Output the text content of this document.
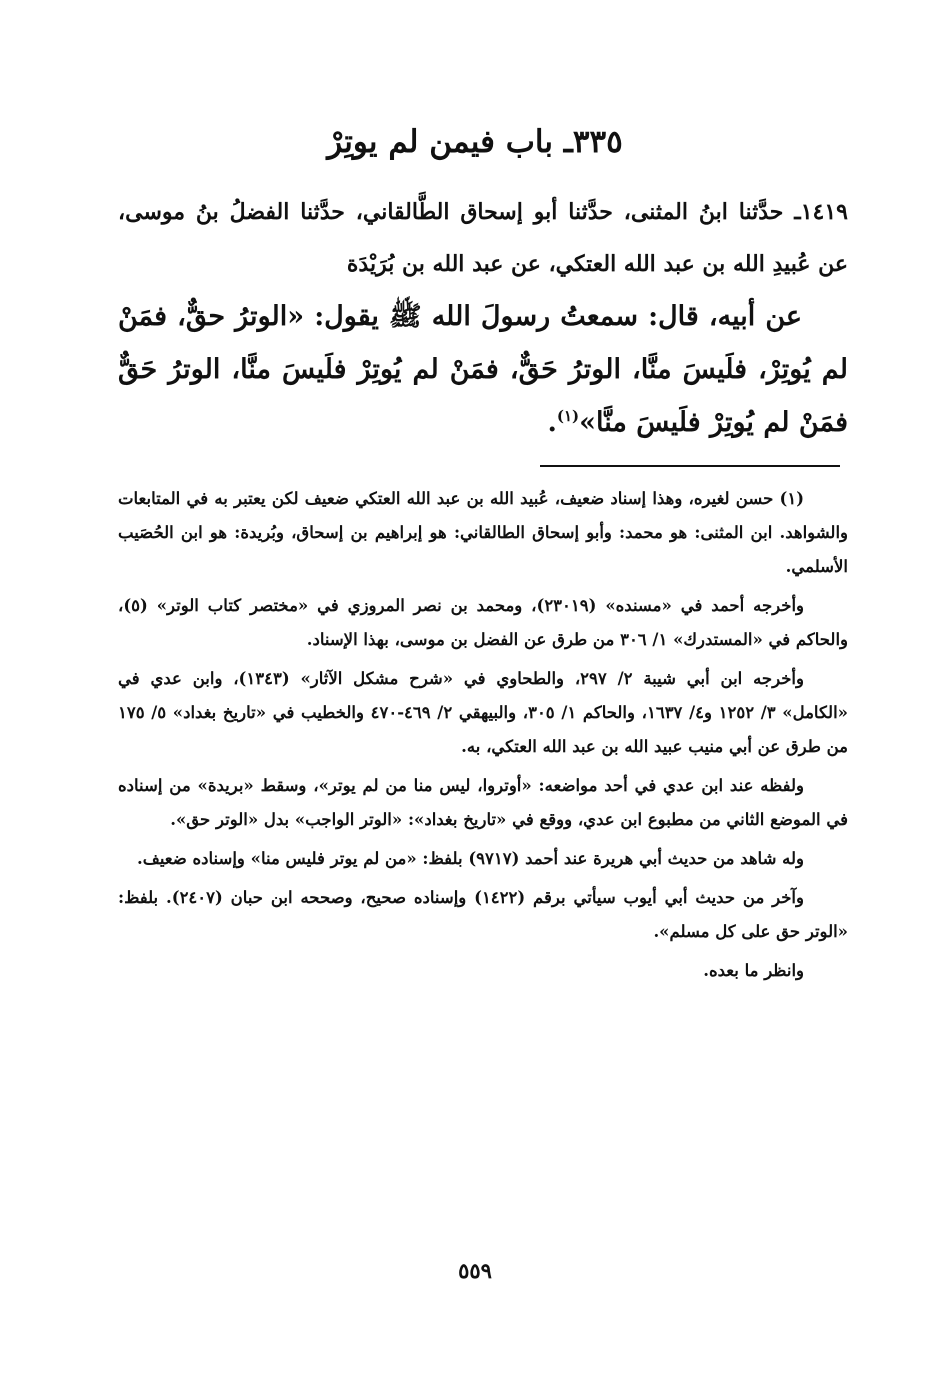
٣٣٥ـ باب فيمن لم يوتِرْ

١٤١٩ـ حدَّثنا ابنُ المثنى، حدَّثنا أبو إسحاق الطَّالقاني، حدَّثنا الفضلُ بنُ موسى، عن عُبيدِ الله بن عبد الله العتكي، عن عبد الله بن بُرَيْدَة

عن أبيه، قال: سمعتُ رسولَ الله ﷺ يقول: «الوترُ حقٌّ، فمَنْ لم يُوتِرْ، فلَيسَ منَّا، الوترُ حَقٌّ، فمَنْ لم يُوتِرْ فلَيسَ منَّا، الوترُ حَقٌّ فمَنْ لم يُوتِرْ فلَيسَ منَّا»$^{(١)}$.

(١) حسن لغيره، وهذا إسناد ضعيف، عُبيد الله بن عبد الله العتكي ضعيف لكن يعتبر به في المتابعات والشواهد. ابن المثنى: هو محمد: وأبو إسحاق الطالقاني: هو إبراهيم بن إسحاق، وبُريدة: هو ابن الحُصَيب الأسلمي.

وأخرجه أحمد في «مسنده» (٢٣٠١٩)، ومحمد بن نصر المروزي في «مختصر كتاب الوتر» (٥)، والحاكم في «المستدرك» ١/ ٣٠٦ من طرق عن الفضل بن موسى، بهذا الإسناد.

وأخرجه ابن أبي شيبة ٢/ ٢٩٧، والطحاوي في «شرح مشكل الآثار» (١٣٤٣)، وابن عدي في «الكامل» ٣/ ١٢٥٢ و٤/ ١٦٣٧، والحاكم ١/ ٣٠٥، والبيهقي ٢/ ٤٦٩-٤٧٠ والخطيب في «تاريخ بغداد» ٥/ ١٧٥ من طرق عن أبي منيب عبيد الله بن عبد الله العتكي، به.

ولفظه عند ابن عدي في أحد مواضعه: «أوتروا، ليس منا من لم يوتر»، وسقط «بريدة» من إسناده في الموضع الثاني من مطبوع ابن عدي، ووقع في «تاريخ بغداد»: «الوتر الواجب» بدل «الوتر حق».

وله شاهد من حديث أبي هريرة عند أحمد (٩٧١٧) بلفظ: «من لم يوتر فليس منا» وإسناده ضعيف.

وآخر من حديث أبي أيوب سيأتي برقم (١٤٢٢) وإسناده صحيح، وصححه ابن حبان (٢٤٠٧). بلفظ: «الوتر حق على كل مسلم».

وانظر ما بعده.

٥٥٩
